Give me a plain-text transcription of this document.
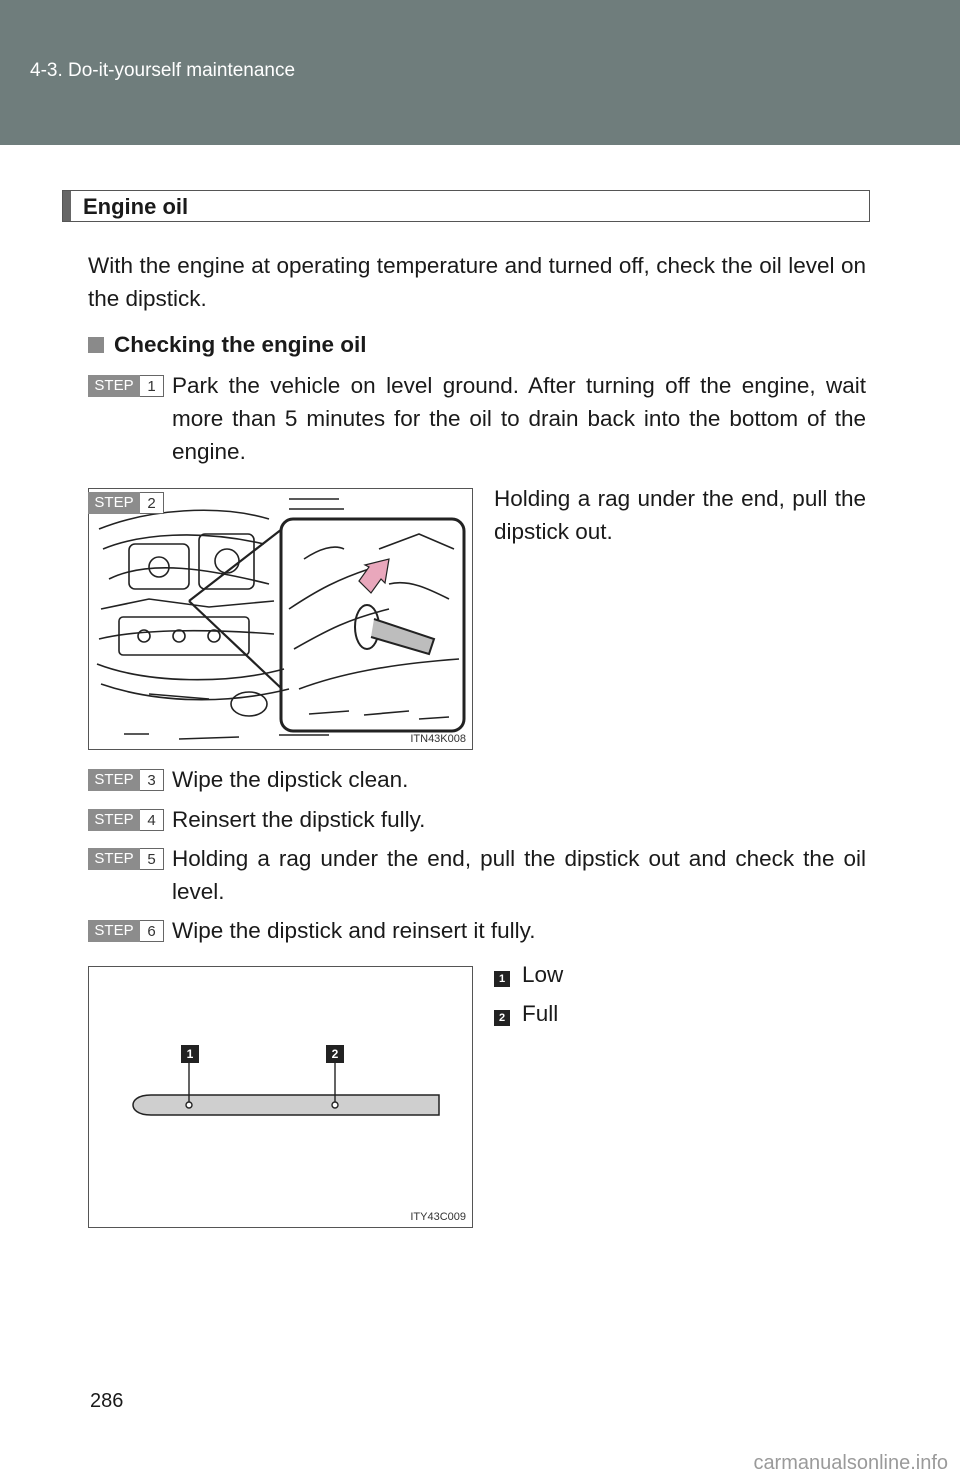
4-3. Do-it-yourself maintenance
Engine oil
With the engine at operating temperature and turned off, check the oil level on the dipstick.
Checking the engine oil
STEP 1 Park the vehicle on level ground. After turning off the engine, wait more than 5 minutes for the oil to drain back into the bottom of the engine.
ITN43K008
STEP 2	Holding a rag under the end, pull the dipstick out.
STEP 3 Wipe the dipstick clean.
STEP 4 Reinsert the dipstick fully.
STEP 5 Holding a rag under the end, pull the dipstick out and check the oil level.
STEP 6 Wipe the dipstick and reinsert it fully.
1	2
ITY43C009
1 Low
2 Full
286
carmanualsonline.info
